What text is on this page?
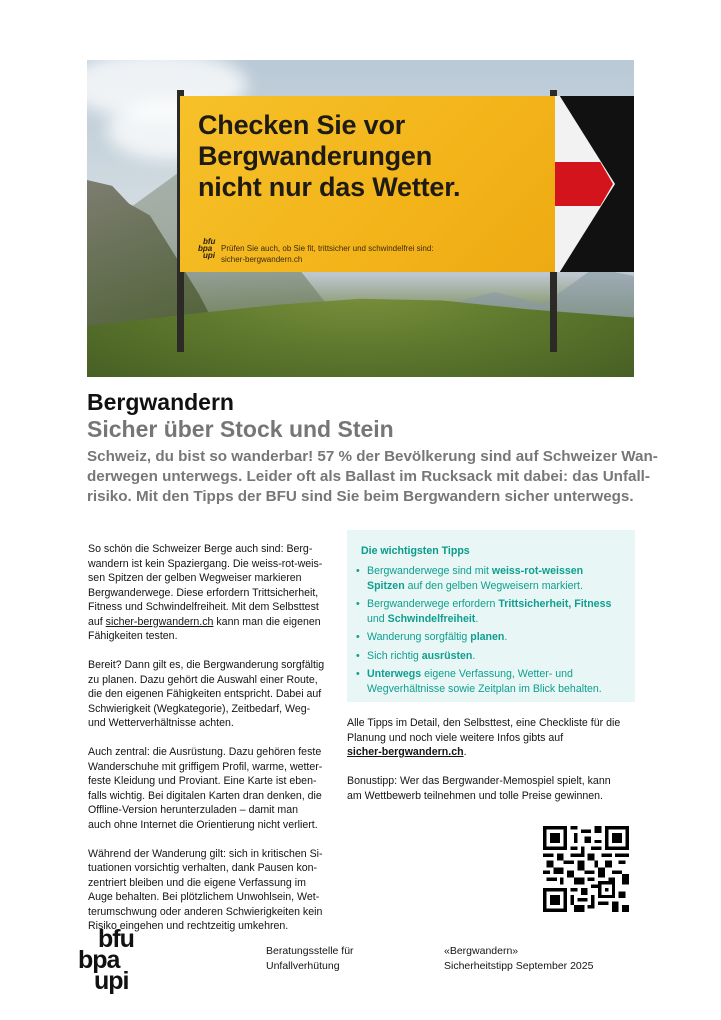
Checken Sie vor
Bergwanderungen
nicht nur das Wetter.
bfu
bpa
upi
Prüfen Sie auch, ob Sie fit, trittsicher und schwindelfrei sind:
sicher-bergwandern.ch
Bergwandern
Sicher über Stock und Stein
Schweiz, du bist so wanderbar! 57 % der Bevölkerung sind auf Schweizer Wan-
derwegen unterwegs. Leider oft als Ballast im Rucksack mit dabei: das Unfall-
risiko. Mit den Tipps der BFU sind Sie beim Bergwandern sicher unterwegs.

So schön die Schweizer Berge auch sind: Berg-
wandern ist kein Spaziergang. Die weiss-rot-weis-
sen Spitzen der gelben Wegweiser markieren
Bergwanderwege. Diese erfordern Trittsicherheit,
Fitness und Schwindelfreiheit. Mit dem Selbsttest
auf sicher-bergwandern.ch kann man die eigenen
Fähigkeiten testen.

Bereit? Dann gilt es, die Bergwanderung sorgfältig
zu planen. Dazu gehört die Auswahl einer Route,
die den eigenen Fähigkeiten entspricht. Dabei auf
Schwierigkeit (Wegkategorie), Zeitbedarf, Weg-
und Wetterverhältnisse achten.

Auch zentral: die Ausrüstung. Dazu gehören feste
Wanderschuhe mit griffigem Profil, warme, wetter-
feste Kleidung und Proviant. Eine Karte ist eben-
falls wichtig. Bei digitalen Karten dran denken, die
Offline-Version herunterzuladen – damit man
auch ohne Internet die Orientierung nicht verliert.

Während der Wanderung gilt: sich in kritischen Si-
tuationen vorsichtig verhalten, dank Pausen kon-
zentriert bleiben und die eigene Verfassung im
Auge behalten. Bei plötzlichem Unwohlsein, Wet-
terumschwung oder anderen Schwierigkeiten kein
Risiko eingehen und rechtzeitig umkehren.

Die wichtigsten Tipps
• Bergwanderwege sind mit weiss-rot-weissen
Spitzen auf den gelben Wegweisern markiert.
• Bergwanderwege erfordern Trittsicherheit, Fitness
und Schwindelfreiheit.
• Wanderung sorgfältig planen.
• Sich richtig ausrüsten.
• Unterwegs eigene Verfassung, Wetter- und
Wegverhältnisse sowie Zeitplan im Blick behalten.

Alle Tipps im Detail, den Selbsttest, eine Checkliste für die
Planung und noch viele weitere Infos gibts auf
sicher-bergwandern.ch.

Bonustipp: Wer das Bergwander-Memospiel spielt, kann
am Wettbewerb teilnehmen und tolle Preise gewinnen.

bfu
bpa
upi
Beratungsstelle für
Unfallverhütung
«Bergwandern»
Sicherheitstipp September 2025
